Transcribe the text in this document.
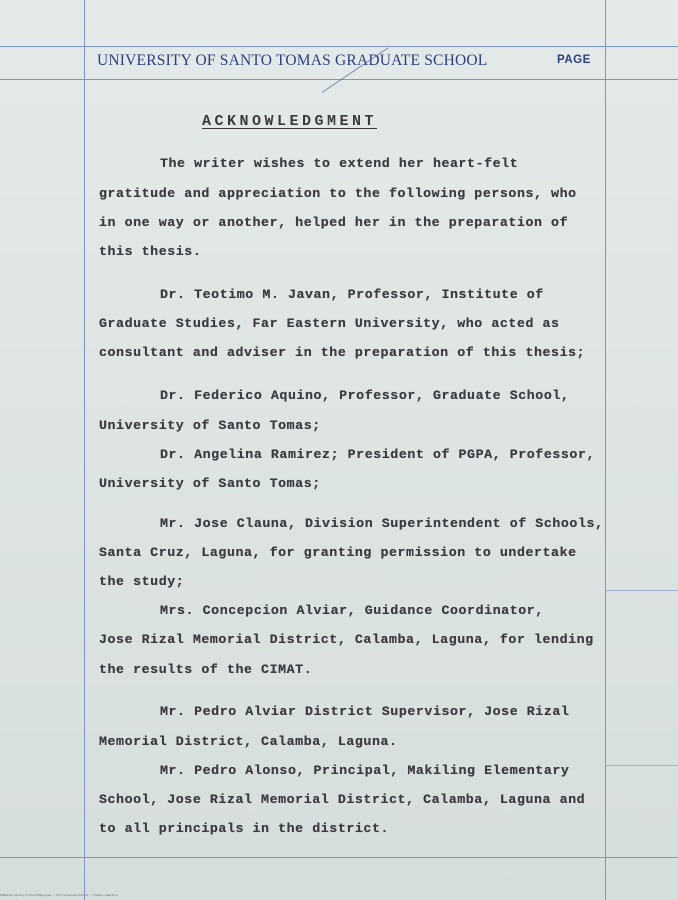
UNIVERSITY OF SANTO TOMAS GRADUATE SCHOOL	PAGE
ACKNOWLEDGMENT
The writer wishes to extend her heart-felt
gratitude and appreciation to the following persons, who
in one way or another, helped her in the preparation of
this thesis.
Dr. Teotimo M. Javan, Professor, Institute of
Graduate Studies, Far Eastern University, who acted as
consultant and adviser in the preparation of this thesis;
Dr. Federico Aquino, Professor, Graduate School,
University of Santo Tomas;
Dr. Angelina Ramirez; President of PGPA, Professor,
University of Santo Tomas;
Mr. Jose Clauna, Division Superintendent of Schools,
Santa Cruz, Laguna, for granting permission to undertake
the study;
Mrs. Concepcion Alviar, Guidance Coordinator,
Jose Rizal Memorial District, Calamba, Laguna, for lending
the results of the CIMAT.
Mr. Pedro Alviar District Supervisor, Jose Rizal
Memorial District, Calamba, Laguna.
Mr. Pedro Alonso, Principal, Makiling Elementary
School, Jose Rizal Memorial District, Calamba, Laguna and
to all principals in the district.
Materials library of the Philippines — UST Graduate School — Thesis collection
